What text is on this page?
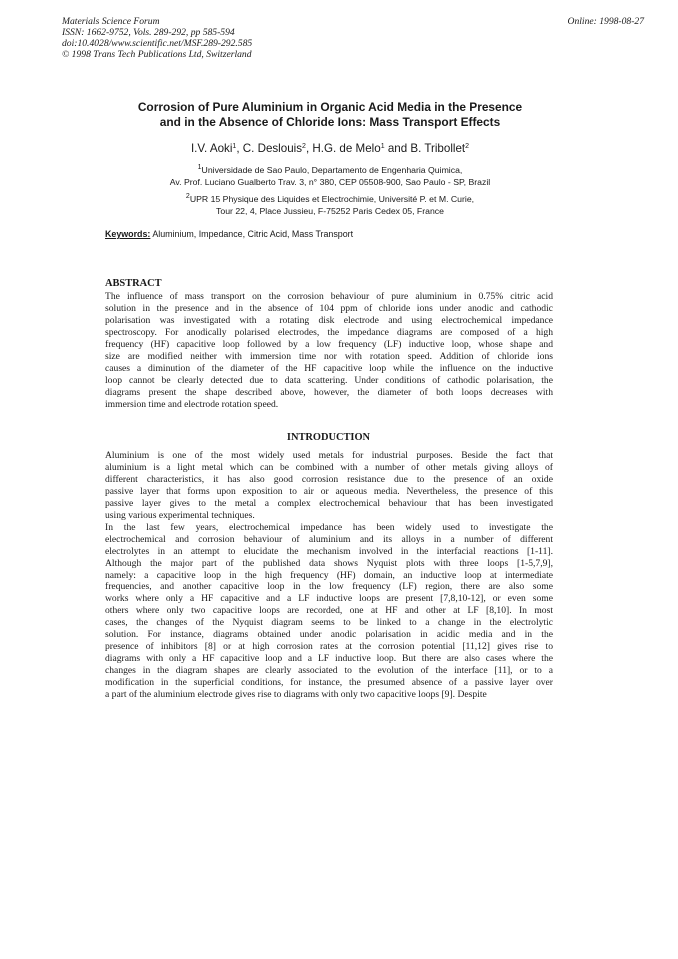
Materials Science Forum
ISSN: 1662-9752, Vols. 289-292, pp 585-594
doi:10.4028/www.scientific.net/MSF.289-292.585
© 1998 Trans Tech Publications Ltd, Switzerland
Online: 1998-08-27
Corrosion of Pure Aluminium in Organic Acid Media in the Presence
and in the Absence of Chloride Ions: Mass Transport Effects
I.V. Aoki$^1$, C. Deslouis$^2$, H.G. de Melo$^1$ and B. Tribollet$^2$
$^1$Universidade de Sao Paulo, Departamento de Engenharia Quimica,
Av. Prof. Luciano Gualberto Trav. 3, n° 380, CEP 05508-900, Sao Paulo - SP, Brazil
$^2$UPR 15 Physique des Liquides et Electrochimie, Université P. et M. Curie,
Tour 22, 4, Place Jussieu, F-75252 Paris Cedex 05, France
Keywords: Aluminium, Impedance, Citric Acid, Mass Transport
ABSTRACT
The influence of mass transport on the corrosion behaviour of pure aluminium in 0.75% citric acid
solution in the presence and in the absence of 104 ppm of chloride ions under anodic and cathodic
polarisation was investigated with a rotating disk electrode and using electrochemical impedance
spectroscopy. For anodically polarised electrodes, the impedance diagrams are composed of a high
frequency (HF) capacitive loop followed by a low frequency (LF) inductive loop, whose shape and
size are modified neither with immersion time nor with rotation speed. Addition of chloride ions
causes a diminution of the diameter of the HF capacitive loop while the influence on the inductive
loop cannot be clearly detected due to data scattering. Under conditions of cathodic polarisation, the
diagrams present the shape described above, however, the diameter of both loops decreases with
immersion time and electrode rotation speed.
INTRODUCTION
Aluminium is one of the most widely used metals for industrial purposes. Beside the fact that
aluminium is a light metal which can be combined with a number of other metals giving alloys of
different characteristics, it has also good corrosion resistance due to the presence of an oxide
passive layer that forms upon exposition to air or aqueous media. Nevertheless, the presence of this
passive layer gives to the metal a complex electrochemical behaviour that has been investigated
using various experimental techniques.
In the last few years, electrochemical impedance has been widely used to investigate the
electrochemical and corrosion behaviour of aluminium and its alloys in a number of different
electrolytes in an attempt to elucidate the mechanism involved in the interfacial reactions [1-11].
Although the major part of the published data shows Nyquist plots with three loops [1-5,7,9],
namely: a capacitive loop in the high frequency (HF) domain, an inductive loop at intermediate
frequencies, and another capacitive loop in the low frequency (LF) region, there are also some
works where only a HF capacitive and a LF inductive loops are present [7,8,10-12], or even some
others where only two capacitive loops are recorded, one at HF and other at LF [8,10]. In most
cases, the changes of the Nyquist diagram seems to be linked to a change in the electrolytic
solution. For instance, diagrams obtained under anodic polarisation in acidic media and in the
presence of inhibitors [8] or at high corrosion rates at the corrosion potential [11,12] gives rise to
diagrams with only a HF capacitive loop and a LF inductive loop. But there are also cases where the
changes in the diagram shapes are clearly associated to the evolution of the interface [11], or to a
modification in the superficial conditions, for instance, the presumed absence of a passive layer over
a part of the aluminium electrode gives rise to diagrams with only two capacitive loops [9]. Despite
